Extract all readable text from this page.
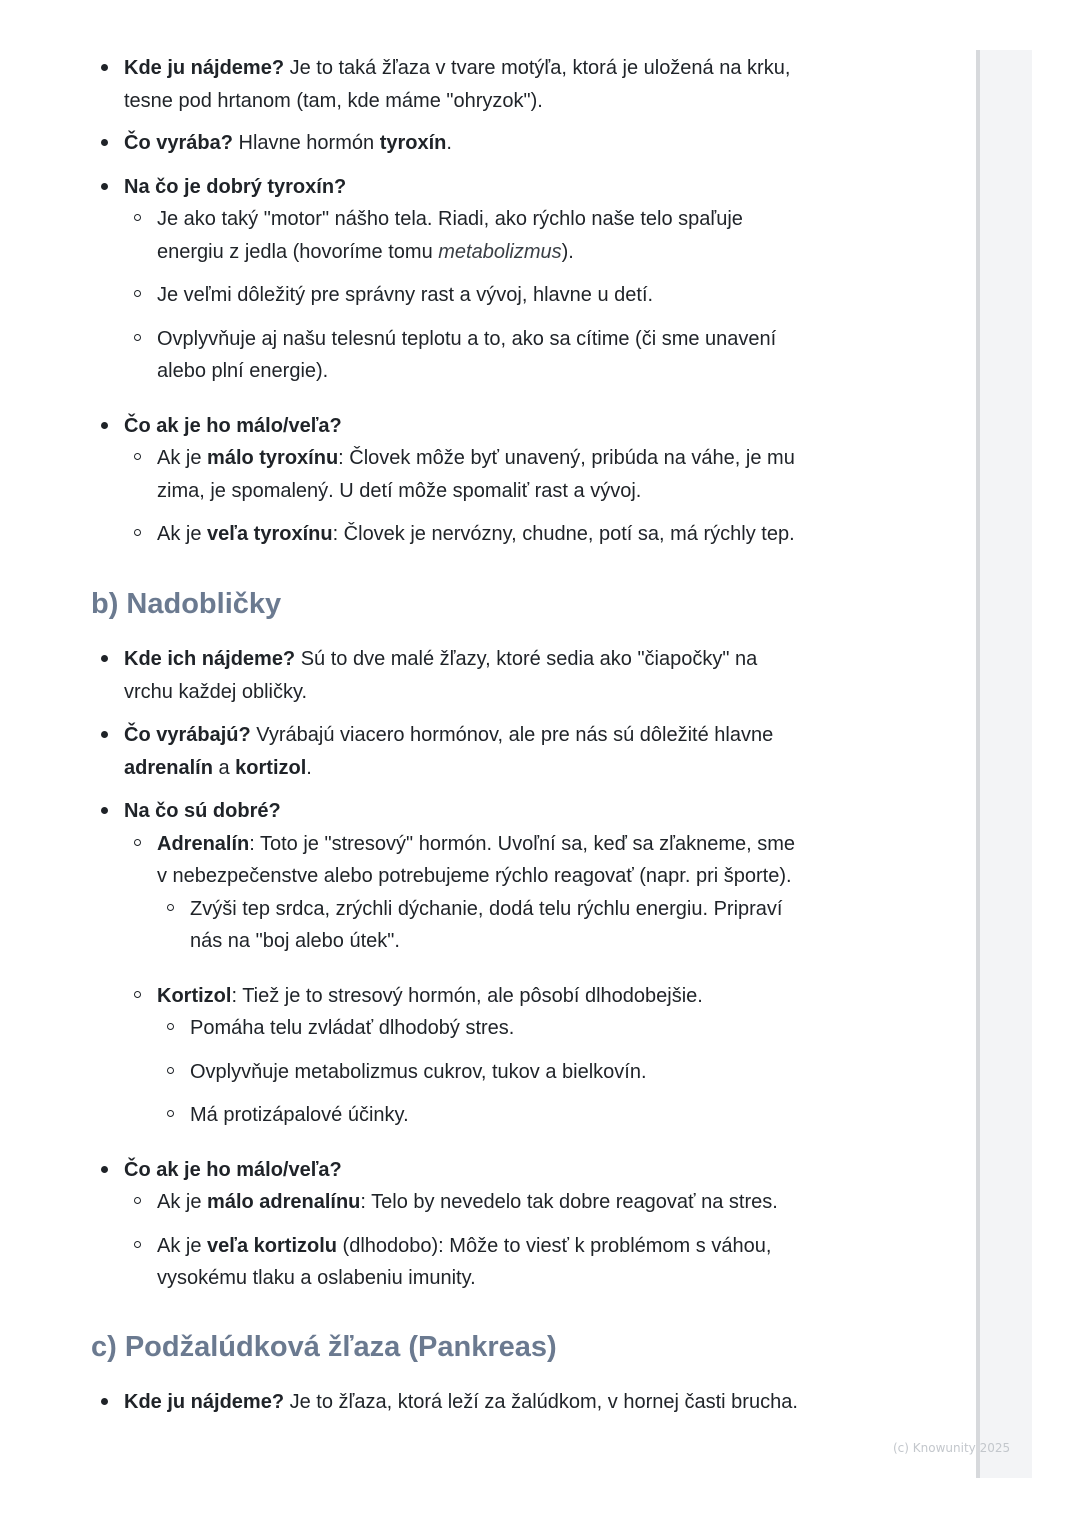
Kde ju nájdeme? Je to taká žľaza v tvare motýľa, ktorá je uložená na krku,
tesne pod hrtanom (tam, kde máme "ohryzok").

Čo vyrába? Hlavne hormón tyroxín.

Na čo je dobrý tyroxín?

Je ako taký "motor" nášho tela. Riadi, ako rýchlo naše telo spaľuje
energiu z jedla (hovoríme tomu metabolizmus).

Je veľmi dôležitý pre správny rast a vývoj, hlavne u detí.

Ovplyvňuje aj našu telesnú teplotu a to, ako sa cítime (či sme unavení
alebo plní energie).

Čo ak je ho málo/veľa?

Ak je málo tyroxínu: Človek môže byť unavený, pribúda na váhe, je mu
zima, je spomalený. U detí môže spomaliť rast a vývoj.

Ak je veľa tyroxínu: Človek je nervózny, chudne, potí sa, má rýchly tep.

b) Nadobličky

Kde ich nájdeme? Sú to dve malé žľazy, ktoré sedia ako "čiapočky" na
vrchu každej obličky.

Čo vyrábajú? Vyrábajú viacero hormónov, ale pre nás sú dôležité hlavne
adrenalín a kortizol.

Na čo sú dobré?

Adrenalín: Toto je "stresový" hormón. Uvoľní sa, keď sa zľakneme, sme
v nebezpečenstve alebo potrebujeme rýchlo reagovať (napr. pri športe).

Zvýši tep srdca, zrýchli dýchanie, dodá telu rýchlu energiu. Pripraví
nás na "boj alebo útek".

Kortizol: Tiež je to stresový hormón, ale pôsobí dlhodobejšie.

Pomáha telu zvládať dlhodobý stres.

Ovplyvňuje metabolizmus cukrov, tukov a bielkovín.

Má protizápalové účinky.

Čo ak je ho málo/veľa?

Ak je málo adrenalínu: Telo by nevedelo tak dobre reagovať na stres.

Ak je veľa kortizolu (dlhodobo): Môže to viesť k problémom s váhou,
vysokému tlaku a oslabeniu imunity.

c) Podžalúdková žľaza (Pankreas)

Kde ju nájdeme? Je to žľaza, ktorá leží za žalúdkom, v hornej časti brucha.

(c) Knowunity 2025
